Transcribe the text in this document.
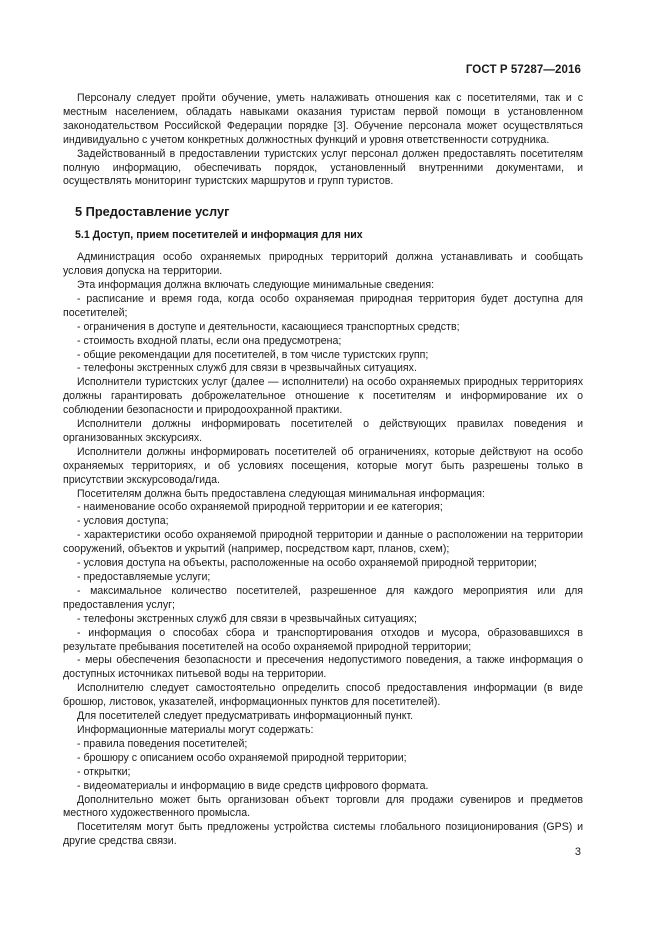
ГОСТ Р 57287—2016

Персоналу следует пройти обучение, уметь налаживать отношения как с посетителями, так и с местным населением, обладать навыками оказания туристам первой помощи в установленном законодательством Российской Федерации порядке [3]. Обучение персонала может осуществляться индивидуально с учетом конкретных должностных функций и уровня ответственности сотрудника.

Задействованный в предоставлении туристских услуг персонал должен предоставлять посетителям полную информацию, обеспечивать порядок, установленный внутренними документами, и осуществлять мониторинг туристских маршрутов и групп туристов.

5 Предоставление услуг

5.1 Доступ, прием посетителей и информация для них

Администрация особо охраняемых природных территорий должна устанавливать и сообщать условия допуска на территории.

Эта информация должна включать следующие минимальные сведения:

- расписание и время года, когда особо охраняемая природная территория будет доступна для посетителей;

- ограничения в доступе и деятельности, касающиеся транспортных средств;

- стоимость входной платы, если она предусмотрена;

- общие рекомендации для посетителей, в том числе туристских групп;

- телефоны экстренных служб для связи в чрезвычайных ситуациях.

Исполнители туристских услуг (далее — исполнители) на особо охраняемых природных территориях должны гарантировать доброжелательное отношение к посетителям и информирование их о соблюдении безопасности и природоохранной практики.

Исполнители должны информировать посетителей о действующих правилах поведения и организованных экскурсиях.

Исполнители должны информировать посетителей об ограничениях, которые действуют на особо охраняемых территориях, и об условиях посещения, которые могут быть разрешены только в присутствии экскурсовода/гида.

Посетителям должна быть предоставлена следующая минимальная информация:

- наименование особо охраняемой природной территории и ее категория;

- условия доступа;

- характеристики особо охраняемой природной территории и данные о расположении на территории сооружений, объектов и укрытий (например, посредством карт, планов, схем);

- условия доступа на объекты, расположенные на особо охраняемой природной территории;

- предоставляемые услуги;

- максимальное количество посетителей, разрешенное для каждого мероприятия или для предоставления услуг;

- телефоны экстренных служб для связи в чрезвычайных ситуациях;

- информация о способах сбора и транспортирования отходов и мусора, образовавшихся в результате пребывания посетителей на особо охраняемой природной территории;

- меры обеспечения безопасности и пресечения недопустимого поведения, а также информация о доступных источниках питьевой воды на территории.

Исполнителю следует самостоятельно определить способ предоставления информации (в виде брошюр, листовок, указателей, информационных пунктов для посетителей).

Для посетителей следует предусматривать информационный пункт.

Информационные материалы могут содержать:

- правила поведения посетителей;

- брошюру с описанием особо охраняемой природной территории;

- открытки;

- видеоматериалы и информацию в виде средств цифрового формата.

Дополнительно может быть организован объект торговли для продажи сувениров и предметов местного художественного промысла.

Посетителям могут быть предложены устройства системы глобального позиционирования (GPS) и другие средства связи.

3
